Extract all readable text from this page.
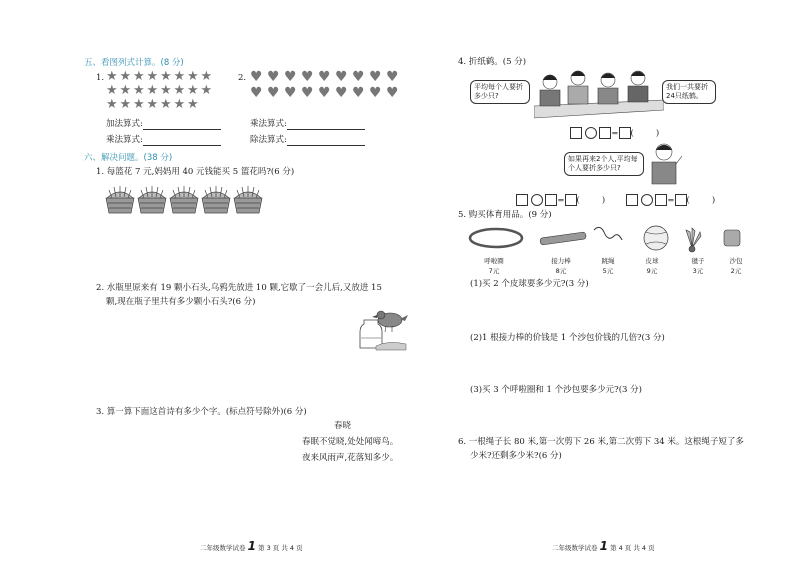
五、看图列式计算。(8 分)
1. ★ ★ ★ ★ ★ ★ ★ ★
★ ★ ★ ★ ★ ★ ★ ★
★ ★ ★ ★ ★ ★ ★
2. ♥ ♥ ♥ ♥ ♥ ♥ ♥ ♥ ♥
♥ ♥ ♥ ♥ ♥ ♥ ♥ ♥ ♥
加法算式:
乘法算式:
乘法算式:
除法算式:
六、解决问题。(38 分)
1. 每篮花 7 元,妈妈用 40 元钱能买 5 篮花吗?(6 分)
2. 水瓶里原来有 19 颗小石头,乌鸦先放进 10 颗,它歇了一会儿后,又放进 15
颗,现在瓶子里共有多少颗小石头?(6 分)
3. 算一算下面这首诗有多少个字。(标点符号除外)(6 分)
春晓
春眠不觉晓,处处闻啼鸟。
夜来风雨声,花落知多少。
二年级数学试卷 1 第 3 页 共 4 页
4. 折纸鹤。(5 分)
平均每个人要折多少只?
我们一共要折 24只纸鹤。
= (	)
如果再来2个人,平均每个人要折多少只?
= (	)	= (	)
5. 购买体育用品。(9 分)
呼啦圈
7元
接力棒
8元
跳绳
5元
皮球
9元
毽子
3元
沙包
2元
(1)买 2 个皮球要多少元?(3 分)
(2)1 根接力棒的价钱是 1 个沙包价钱的几倍?(3 分)
(3)买 3 个呼啦圈和 1 个沙包要多少元?(3 分)
6. 一根绳子长 80 米,第一次剪下 26 米,第二次剪下 34 米。这根绳子短了多
少米?还剩多少米?(6 分)
二年级数学试卷 1 第 4 页 共 4 页
